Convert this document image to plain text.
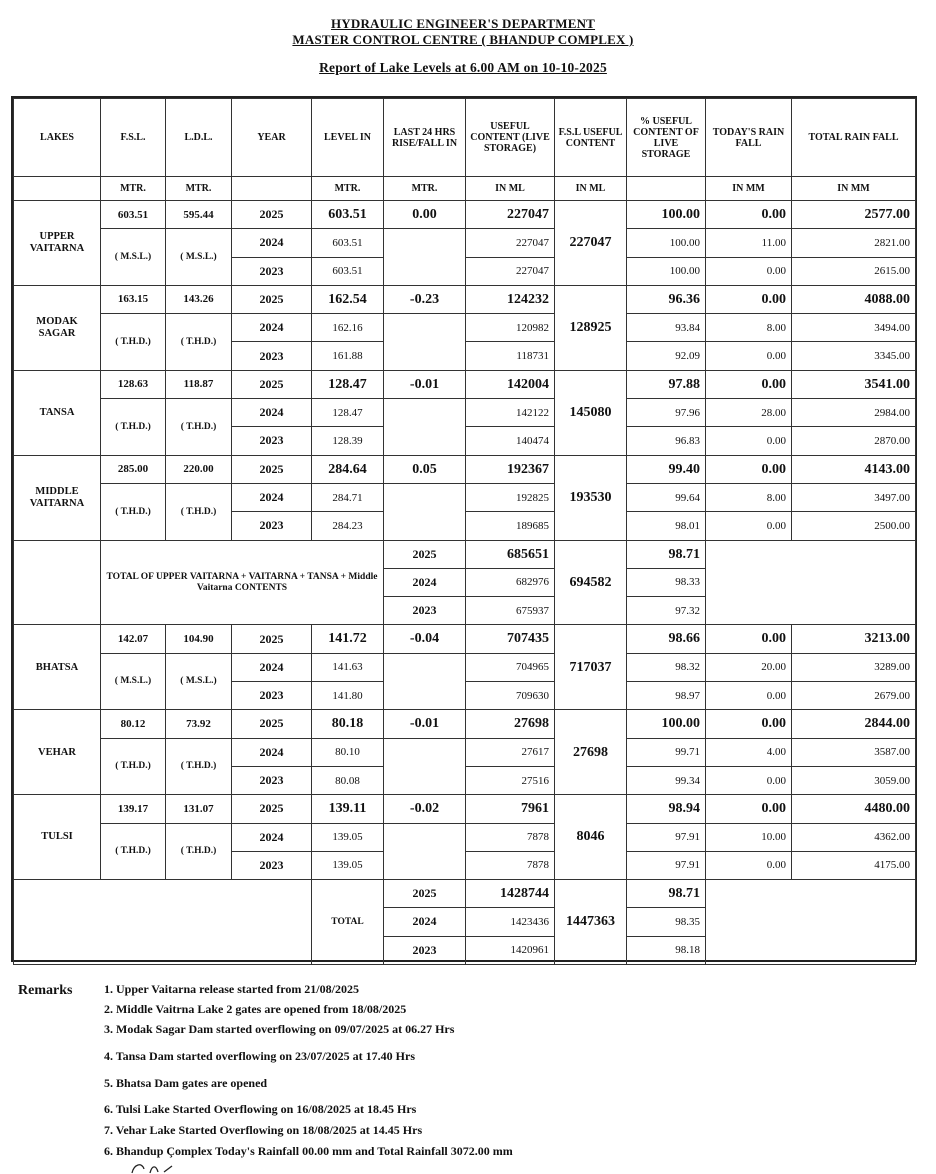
HYDRAULIC ENGINEER'S DEPARTMENT
MASTER CONTROL CENTRE ( BHANDUP COMPLEX )
Report of Lake Levels at 6.00 AM on 10-10-2025
LAKES	F.S.L.	L.D.L.	YEAR	LEVEL IN	LAST 24 HRS RISE/FALL IN	USEFUL CONTENT (LIVE STORAGE)	F.S.L USEFUL CONTENT	% USEFUL CONTENT OF LIVE STORAGE	TODAY'S RAIN FALL	TOTAL RAIN FALL
	MTR.	MTR.		MTR.	MTR.	IN ML	IN ML		IN MM	IN MM
UPPER VAITARNA	603.51	595.44	2025	603.51	0.00	227047	227047	100.00	0.00	2577.00
	( M.S.L.)	( M.S.L.)	2024	603.51		227047		100.00	11.00	2821.00
			2023	603.51		227047		100.00	0.00	2615.00
MODAK SAGAR	163.15	143.26	2025	162.54	-0.23	124232	128925	96.36	0.00	4088.00
	( T.H.D.)	( T.H.D.)	2024	162.16		120982		93.84	8.00	3494.00
			2023	161.88		118731		92.09	0.00	3345.00
TANSA	128.63	118.87	2025	128.47	-0.01	142004	145080	97.88	0.00	3541.00
	( T.H.D.)	( T.H.D.)	2024	128.47		142122		97.96	28.00	2984.00
			2023	128.39		140474		96.83	0.00	2870.00
MIDDLE VAITARNA	285.00	220.00	2025	284.64	0.05	192367	193530	99.40	0.00	4143.00
	( T.H.D.)	( T.H.D.)	2024	284.71		192825		99.64	8.00	3497.00
			2023	284.23		189685		98.01	0.00	2500.00
	TOTAL OF UPPER VAITARNA + VAITARNA + TANSA + Middle Vaitarna CONTENTS				2025	685651	694582	98.71		
					2024	682976		98.33		
					2023	675937		97.32		
BHATSA	142.07	104.90	2025	141.72	-0.04	707435	717037	98.66	0.00	3213.00
	( M.S.L.)	( M.S.L.)	2024	141.63		704965		98.32	20.00	3289.00
			2023	141.80		709630		98.97	0.00	2679.00
VEHAR	80.12	73.92	2025	80.18	-0.01	27698	27698	100.00	0.00	2844.00
	( T.H.D.)	( T.H.D.)	2024	80.10		27617		99.71	4.00	3587.00
			2023	80.08		27516		99.34	0.00	3059.00
TULSI	139.17	131.07	2025	139.11	-0.02	7961	8046	98.94	0.00	4480.00
	( T.H.D.)	( T.H.D.)	2024	139.05		7878		97.91	10.00	4362.00
			2023	139.05		7878		97.91	0.00	4175.00
				TOTAL	2025	1428744	1447363	98.71		
					2024	1423436		98.35		
					2023	1420961		98.18		
Remarks	1. Upper Vaitarna release started from 21/08/2025
2. Middle Vaitrna Lake 2 gates are opened from 18/08/2025
3. Modak Sagar Dam started overflowing on 09/07/2025 at 06.27 Hrs
4. Tansa Dam started overflowing on 23/07/2025 at 17.40 Hrs
5. Bhatsa Dam gates are opened
6. Tulsi Lake Started Overflowing on 16/08/2025 at 18.45 Hrs
7. Vehar Lake Started Overflowing on 18/08/2025 at 14.45 Hrs
6. Bhandup Çomplex Today's Rainfall 00.00 mm and Total Rainfall 3072.00 mm
